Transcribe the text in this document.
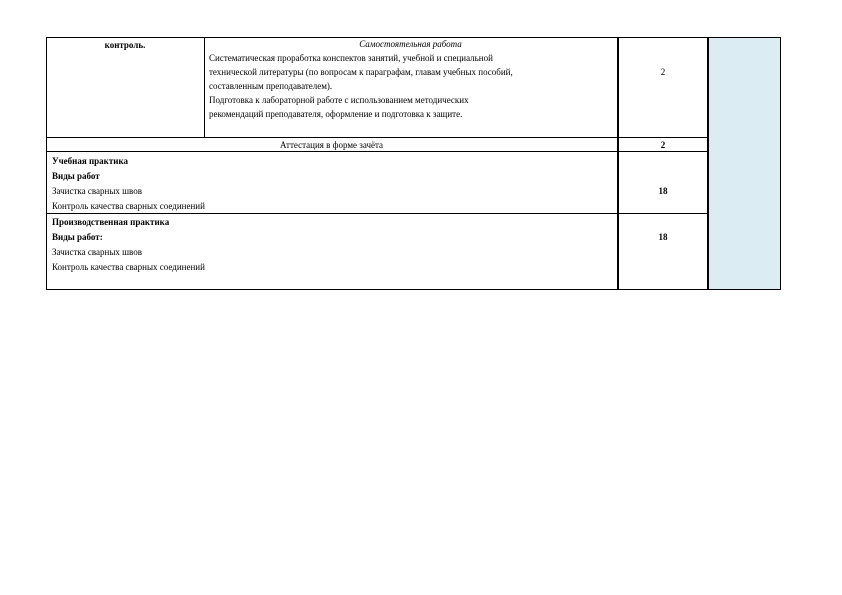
контроль.	Самостоятельная работа
Систематическая проработка конспектов занятий, учебной и специальной
технической литературы (по вопросам к параграфам, главам учебных пособий,
составленным преподавателем).
Подготовка к лабораторной работе с использованием методических
рекомендаций преподавателя, оформление и подготовка к защите.
2
Аттестация в форме зачёта	2
Учебная практика
Виды работ
Зачистка сварных швов
Контроль качества сварных соединений
18
Производственная практика
Виды работ:
Зачистка сварных швов
Контроль качества сварных соединений
18
